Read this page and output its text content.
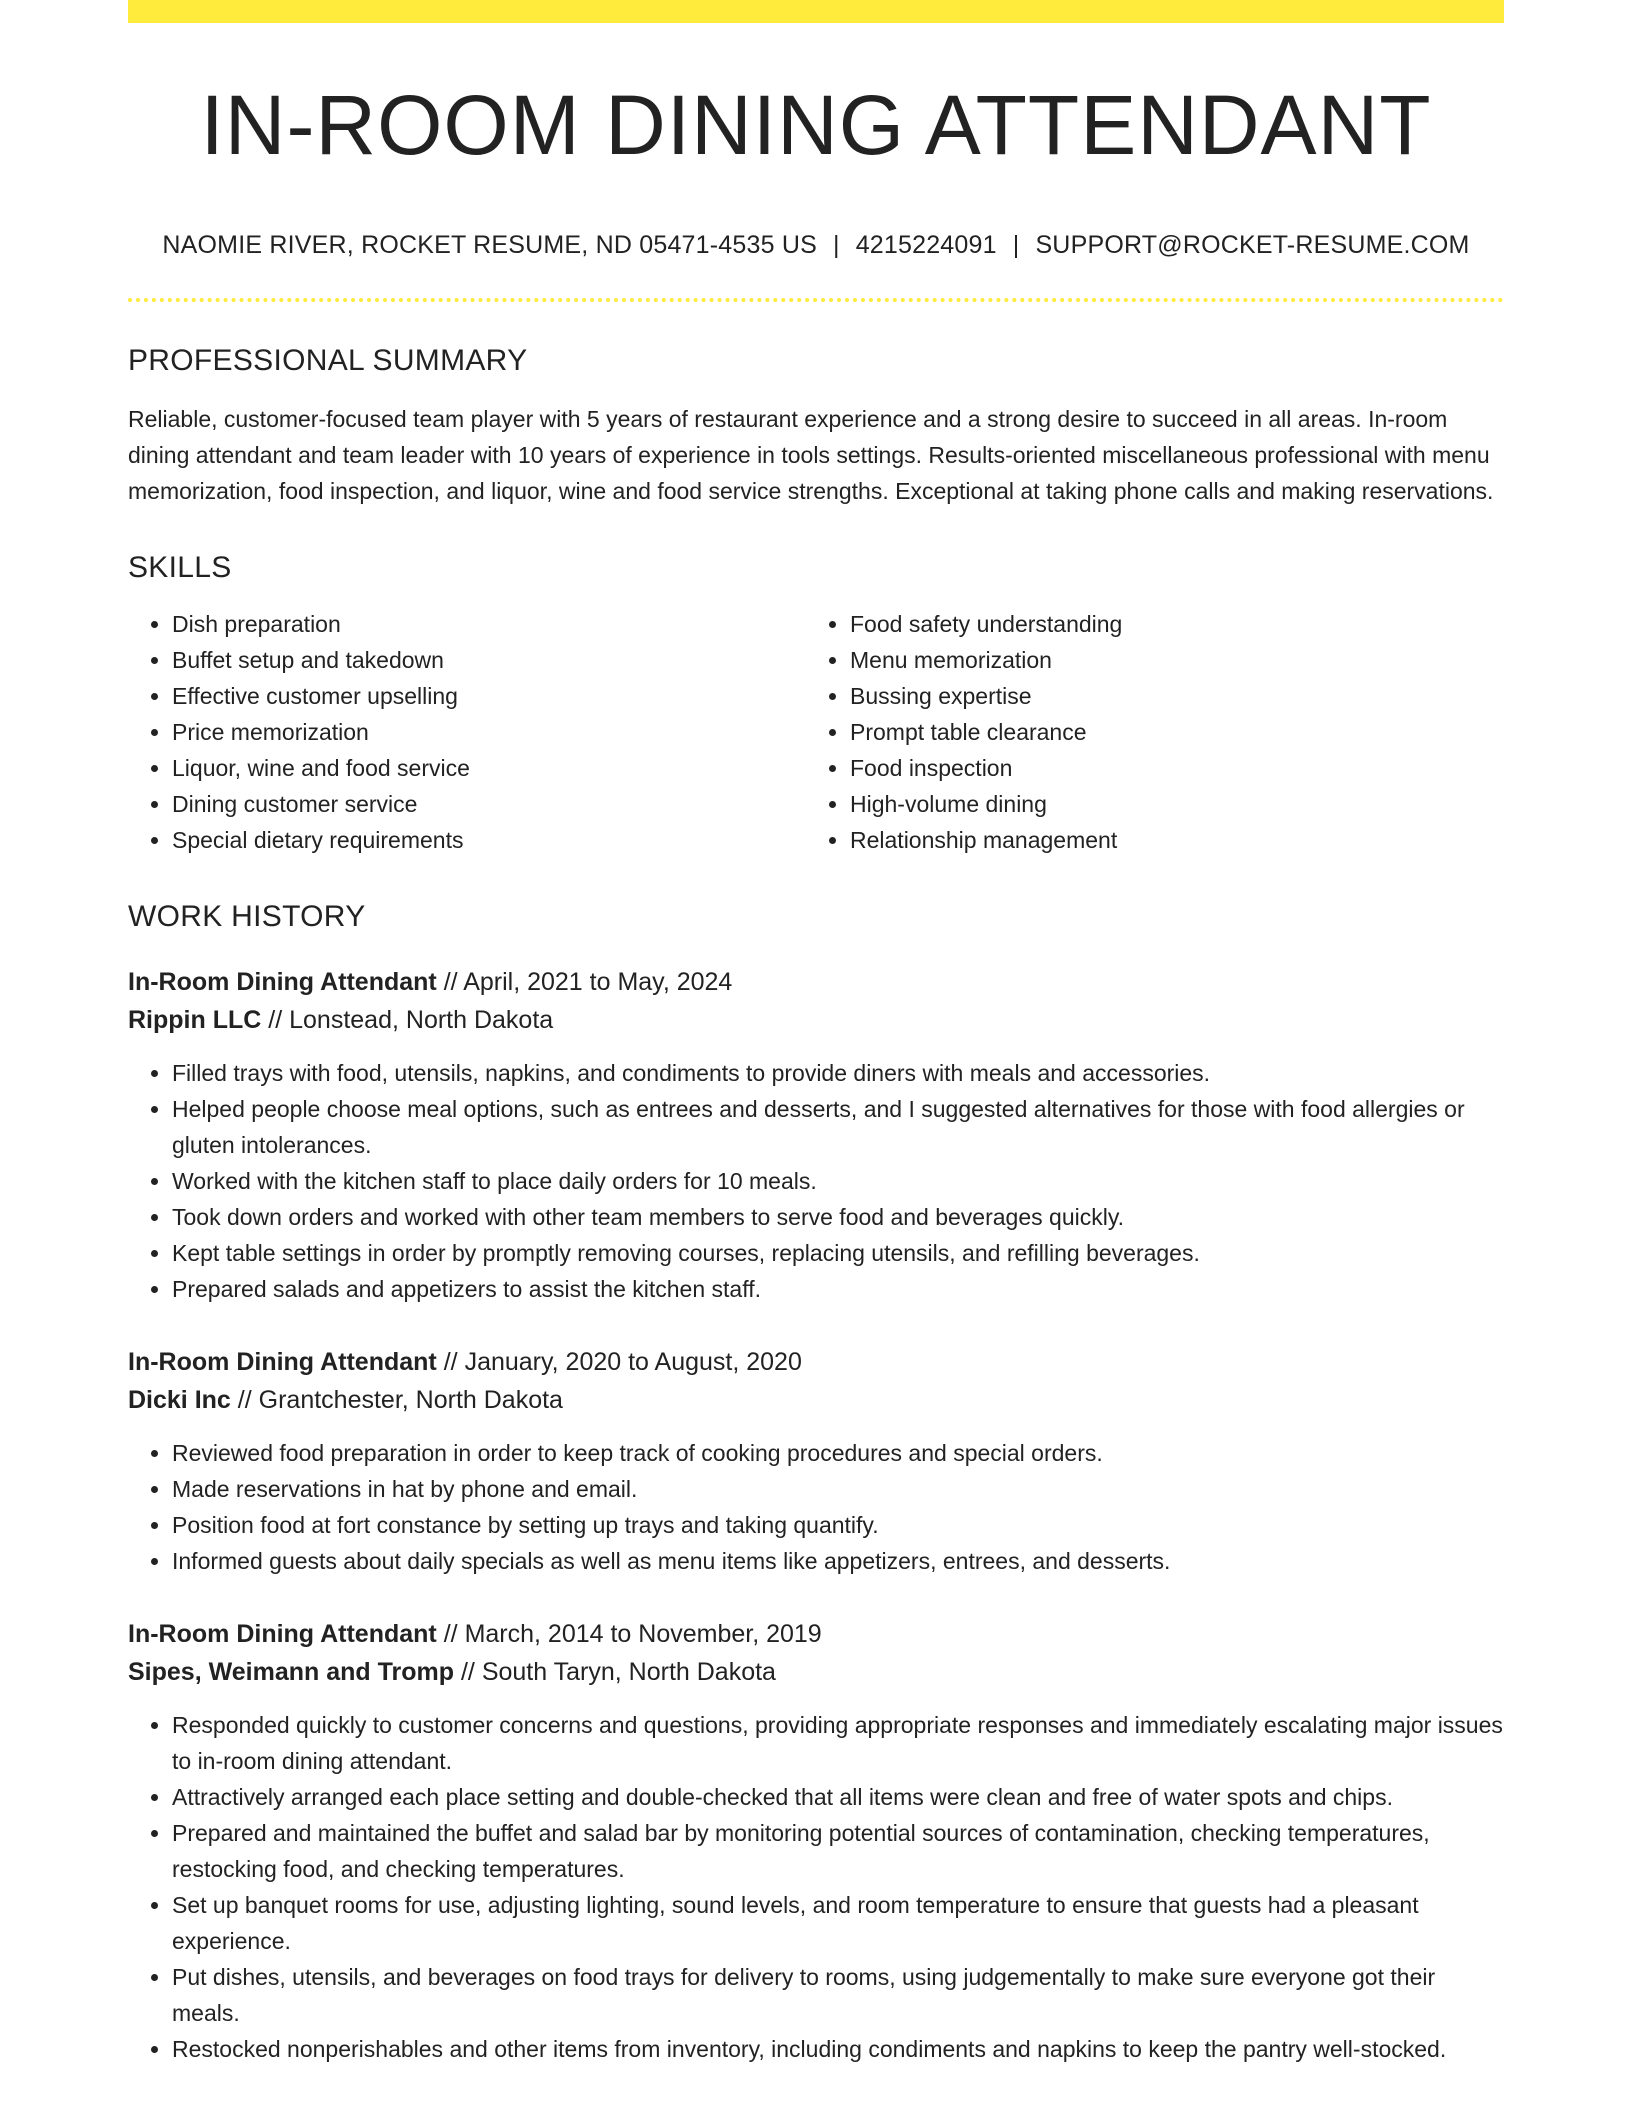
IN-ROOM DINING ATTENDANT
NAOMIE RIVER, ROCKET RESUME, ND 05471-4535 US | 4215224091 | SUPPORT@ROCKET-RESUME.COM
PROFESSIONAL SUMMARY

Reliable, customer-focused team player with 5 years of restaurant experience and a strong desire to succeed in all areas. In-room dining attendant and team leader with 10 years of experience in tools settings. Results-oriented miscellaneous professional with menu memorization, food inspection, and liquor, wine and food service strengths. Exceptional at taking phone calls and making reservations.

SKILLS
• Dish preparation
• Buffet setup and takedown
• Effective customer upselling
• Price memorization
• Liquor, wine and food service
• Dining customer service
• Special dietary requirements
• Food safety understanding
• Menu memorization
• Bussing expertise
• Prompt table clearance
• Food inspection
• High-volume dining
• Relationship management
WORK HISTORY
In-Room Dining Attendant // April, 2021 to May, 2024
Rippin LLC // Lonstead, North Dakota
• Filled trays with food, utensils, napkins, and condiments to provide diners with meals and accessories.
• Helped people choose meal options, such as entrees and desserts, and I suggested alternatives for those with food allergies or gluten intolerances.
• Worked with the kitchen staff to place daily orders for 10 meals.
• Took down orders and worked with other team members to serve food and beverages quickly.
• Kept table settings in order by promptly removing courses, replacing utensils, and refilling beverages.
• Prepared salads and appetizers to assist the kitchen staff.
In-Room Dining Attendant // January, 2020 to August, 2020
Dicki Inc // Grantchester, North Dakota
• Reviewed food preparation in order to keep track of cooking procedures and special orders.
• Made reservations in hat by phone and email.
• Position food at fort constance by setting up trays and taking quantify.
• Informed guests about daily specials as well as menu items like appetizers, entrees, and desserts.
In-Room Dining Attendant // March, 2014 to November, 2019
Sipes, Weimann and Tromp // South Taryn, North Dakota
• Responded quickly to customer concerns and questions, providing appropriate responses and immediately escalating major issues to in-room dining attendant.
• Attractively arranged each place setting and double-checked that all items were clean and free of water spots and chips.
• Prepared and maintained the buffet and salad bar by monitoring potential sources of contamination, checking temperatures, restocking food, and checking temperatures.
• Set up banquet rooms for use, adjusting lighting, sound levels, and room temperature to ensure that guests had a pleasant experience.
• Put dishes, utensils, and beverages on food trays for delivery to rooms, using judgementally to make sure everyone got their meals.
• Restocked nonperishables and other items from inventory, including condiments and napkins to keep the pantry well-stocked.
